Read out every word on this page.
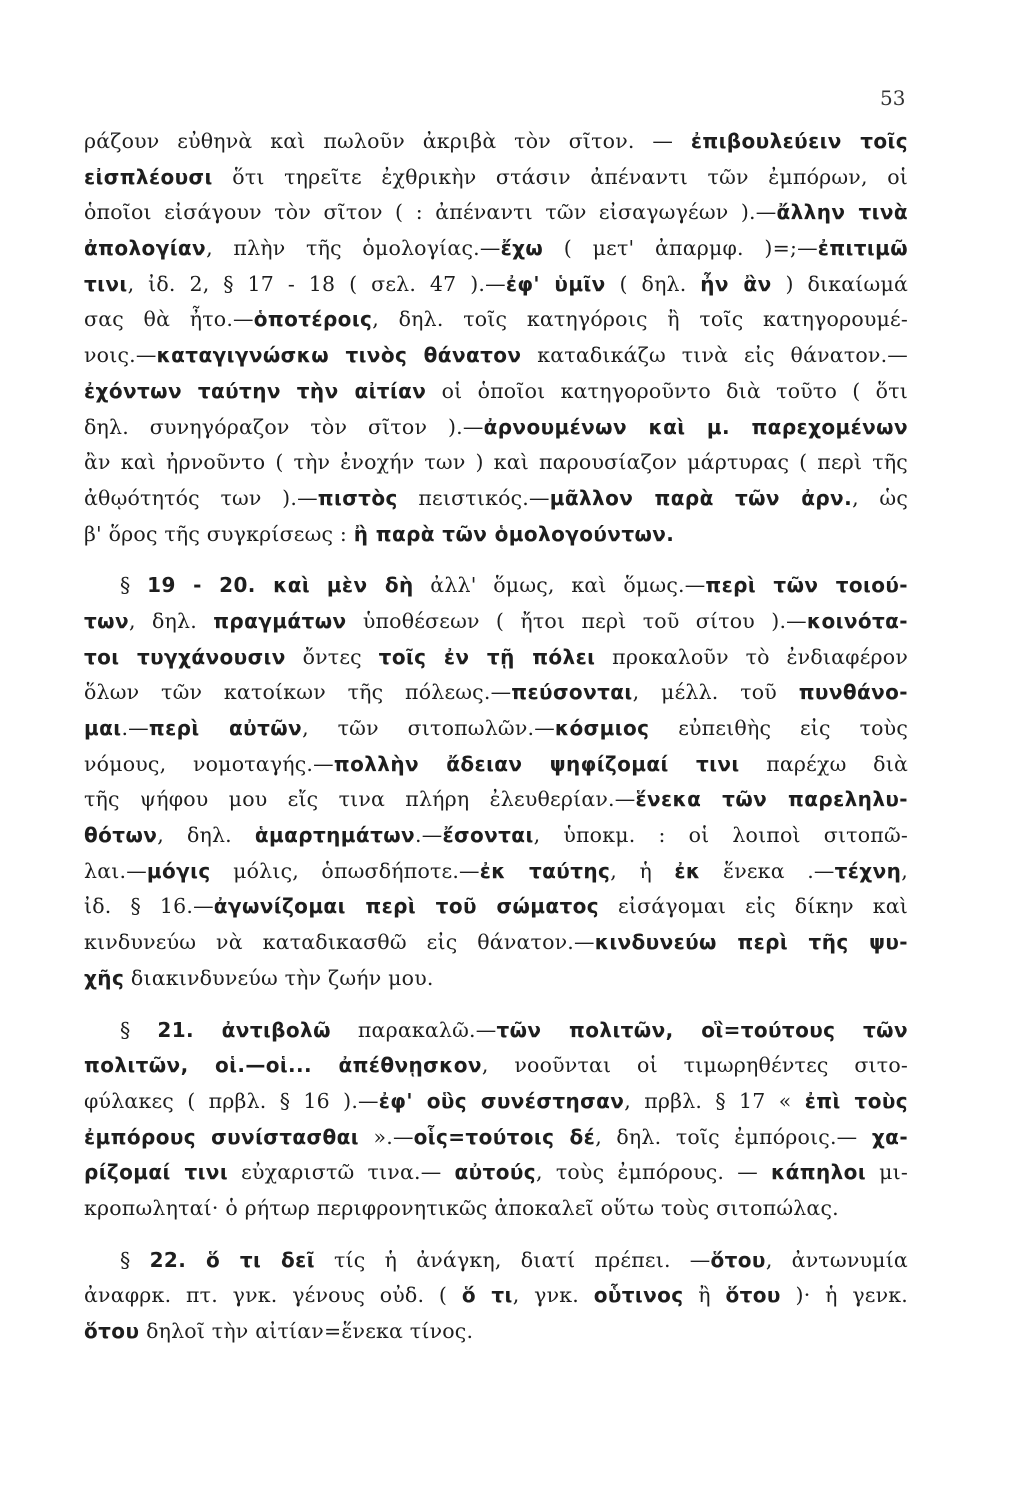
53
ράζουν εὐθηνὰ καὶ πωλοῦν ἀκριβὰ τὸν σῖτον. — ἐπιβουλεύειν τοῖς
εἰσπλέουσι ὅτι τηρεῖτε ἐχθρικὴν στάσιν ἀπέναντι τῶν ἐμπόρων, οἱ
ὁποῖοι εἰσάγουν τὸν σῖτον ( : ἀπέναντι τῶν εἰσαγωγέων ).—ἄλλην τινὰ
ἀπολογίαν, πλὴν τῆς ὁμολογίας.—ἔχω ( μετ' ἀπαρμφ. )=;—ἐπιτιμῶ
τινι, ἰδ. 2, § 17 - 18 ( σελ. 47 ).—ἐφ' ὑμῖν ( δηλ. ἦν ἂν ) δικαίωμά
σας θὰ ἦτο.—ὁποτέροις, δηλ. τοῖς κατηγόροις ἢ τοῖς κατηγορουμέ-
νοις.—καταγιγνώσκω τινὸς θάνατον καταδικάζω τινὰ εἰς θάνατον.—
ἐχόντων ταύτην τὴν αἰτίαν οἱ ὁποῖοι κατηγοροῦντο διὰ τοῦτο ( ὅτι
δηλ. συνηγόραζον τὸν σῖτον ).—ἀρνουμένων καὶ μ. παρεχομένων
ἂν καὶ ἠρνοῦντο ( τὴν ἐνοχήν των ) καὶ παρουσίαζον μάρτυρας ( περὶ τῆς
ἀθῳότητός των ).—πιστὸς πειστικός.—μᾶλλον παρὰ τῶν ἀρν., ὡς
β' ὅρος τῆς συγκρίσεως : ἢ παρὰ τῶν ὁμολογούντων.
§ 19 - 20. καὶ μὲν δὴ ἀλλ' ὅμως, καὶ ὅμως.—περὶ τῶν τοιού-
των, δηλ. πραγμάτων ὑποθέσεων ( ἤτοι περὶ τοῦ σίτου ).—κοινότα-
τοι τυγχάνουσιν ὄντες τοῖς ἐν τῇ πόλει προκαλοῦν τὸ ἐνδιαφέρον
ὅλων τῶν κατοίκων τῆς πόλεως.—πεύσονται, μέλλ. τοῦ πυνθάνο-
μαι.—περὶ αὐτῶν, τῶν σιτοπωλῶν.—κόσμιος εὐπειθὴς εἰς τοὺς
νόμους, νομοταγής.—πολλὴν ἄδειαν ψηφίζομαί τινι παρέχω διὰ
τῆς ψήφου μου εἴς τινα πλήρη ἐλευθερίαν.—ἕνεκα τῶν παρεληλυ-
θότων, δηλ. ἁμαρτημάτων.—ἔσονται, ὑποκμ. : οἱ λοιποὶ σιτοπῶ-
λαι.—μόγις μόλις, ὁπωσδήποτε.—ἐκ ταύτης, ἡ ἐκ ἕνεκα .—τέχνη,
ἰδ. § 16.—ἀγωνίζομαι περὶ τοῦ σώματος εἰσάγομαι εἰς δίκην καὶ
κινδυνεύω νὰ καταδικασθῶ εἰς θάνατον.—κινδυνεύω περὶ τῆς ψυ-
χῆς διακινδυνεύω τὴν ζωήν μου.
§ 21. ἀντιβολῶ παρακαλῶ.—τῶν πολιτῶν, οἳ=τούτους τῶν
πολιτῶν, οἱ.—οἱ... ἀπέθνῃσκον, νοοῦνται οἱ τιμωρηθέντες σιτο-
φύλακες ( πρβλ. § 16 ).—ἐφ' οὓς συνέστησαν, πρβλ. § 17 « ἐπὶ τοὺς
ἐμπόρους συνίστασθαι ».—οἷς=τούτοις δέ, δηλ. τοῖς ἐμπόροις.— χα-
ρίζομαί τινι εὐχαριστῶ τινα.— αὐτούς, τοὺς ἐμπόρους. — κάπηλοι μι-
κροπωληταί· ὁ ρήτωρ περιφρονητικῶς ἀποκαλεῖ οὕτω τοὺς σιτοπώλας.
§ 22. ὅ τι δεῖ τίς ἡ ἀνάγκη, διατί πρέπει. —ὅτου, ἀντωνυμία
ἀναφρκ. πτ. γνκ. γένους οὐδ. ( ὅ τι, γνκ. οὗτινος ἢ ὅτου )· ἡ γενκ.
ὅτου δηλοῖ τὴν αἰτίαν=ἕνεκα τίνος.
